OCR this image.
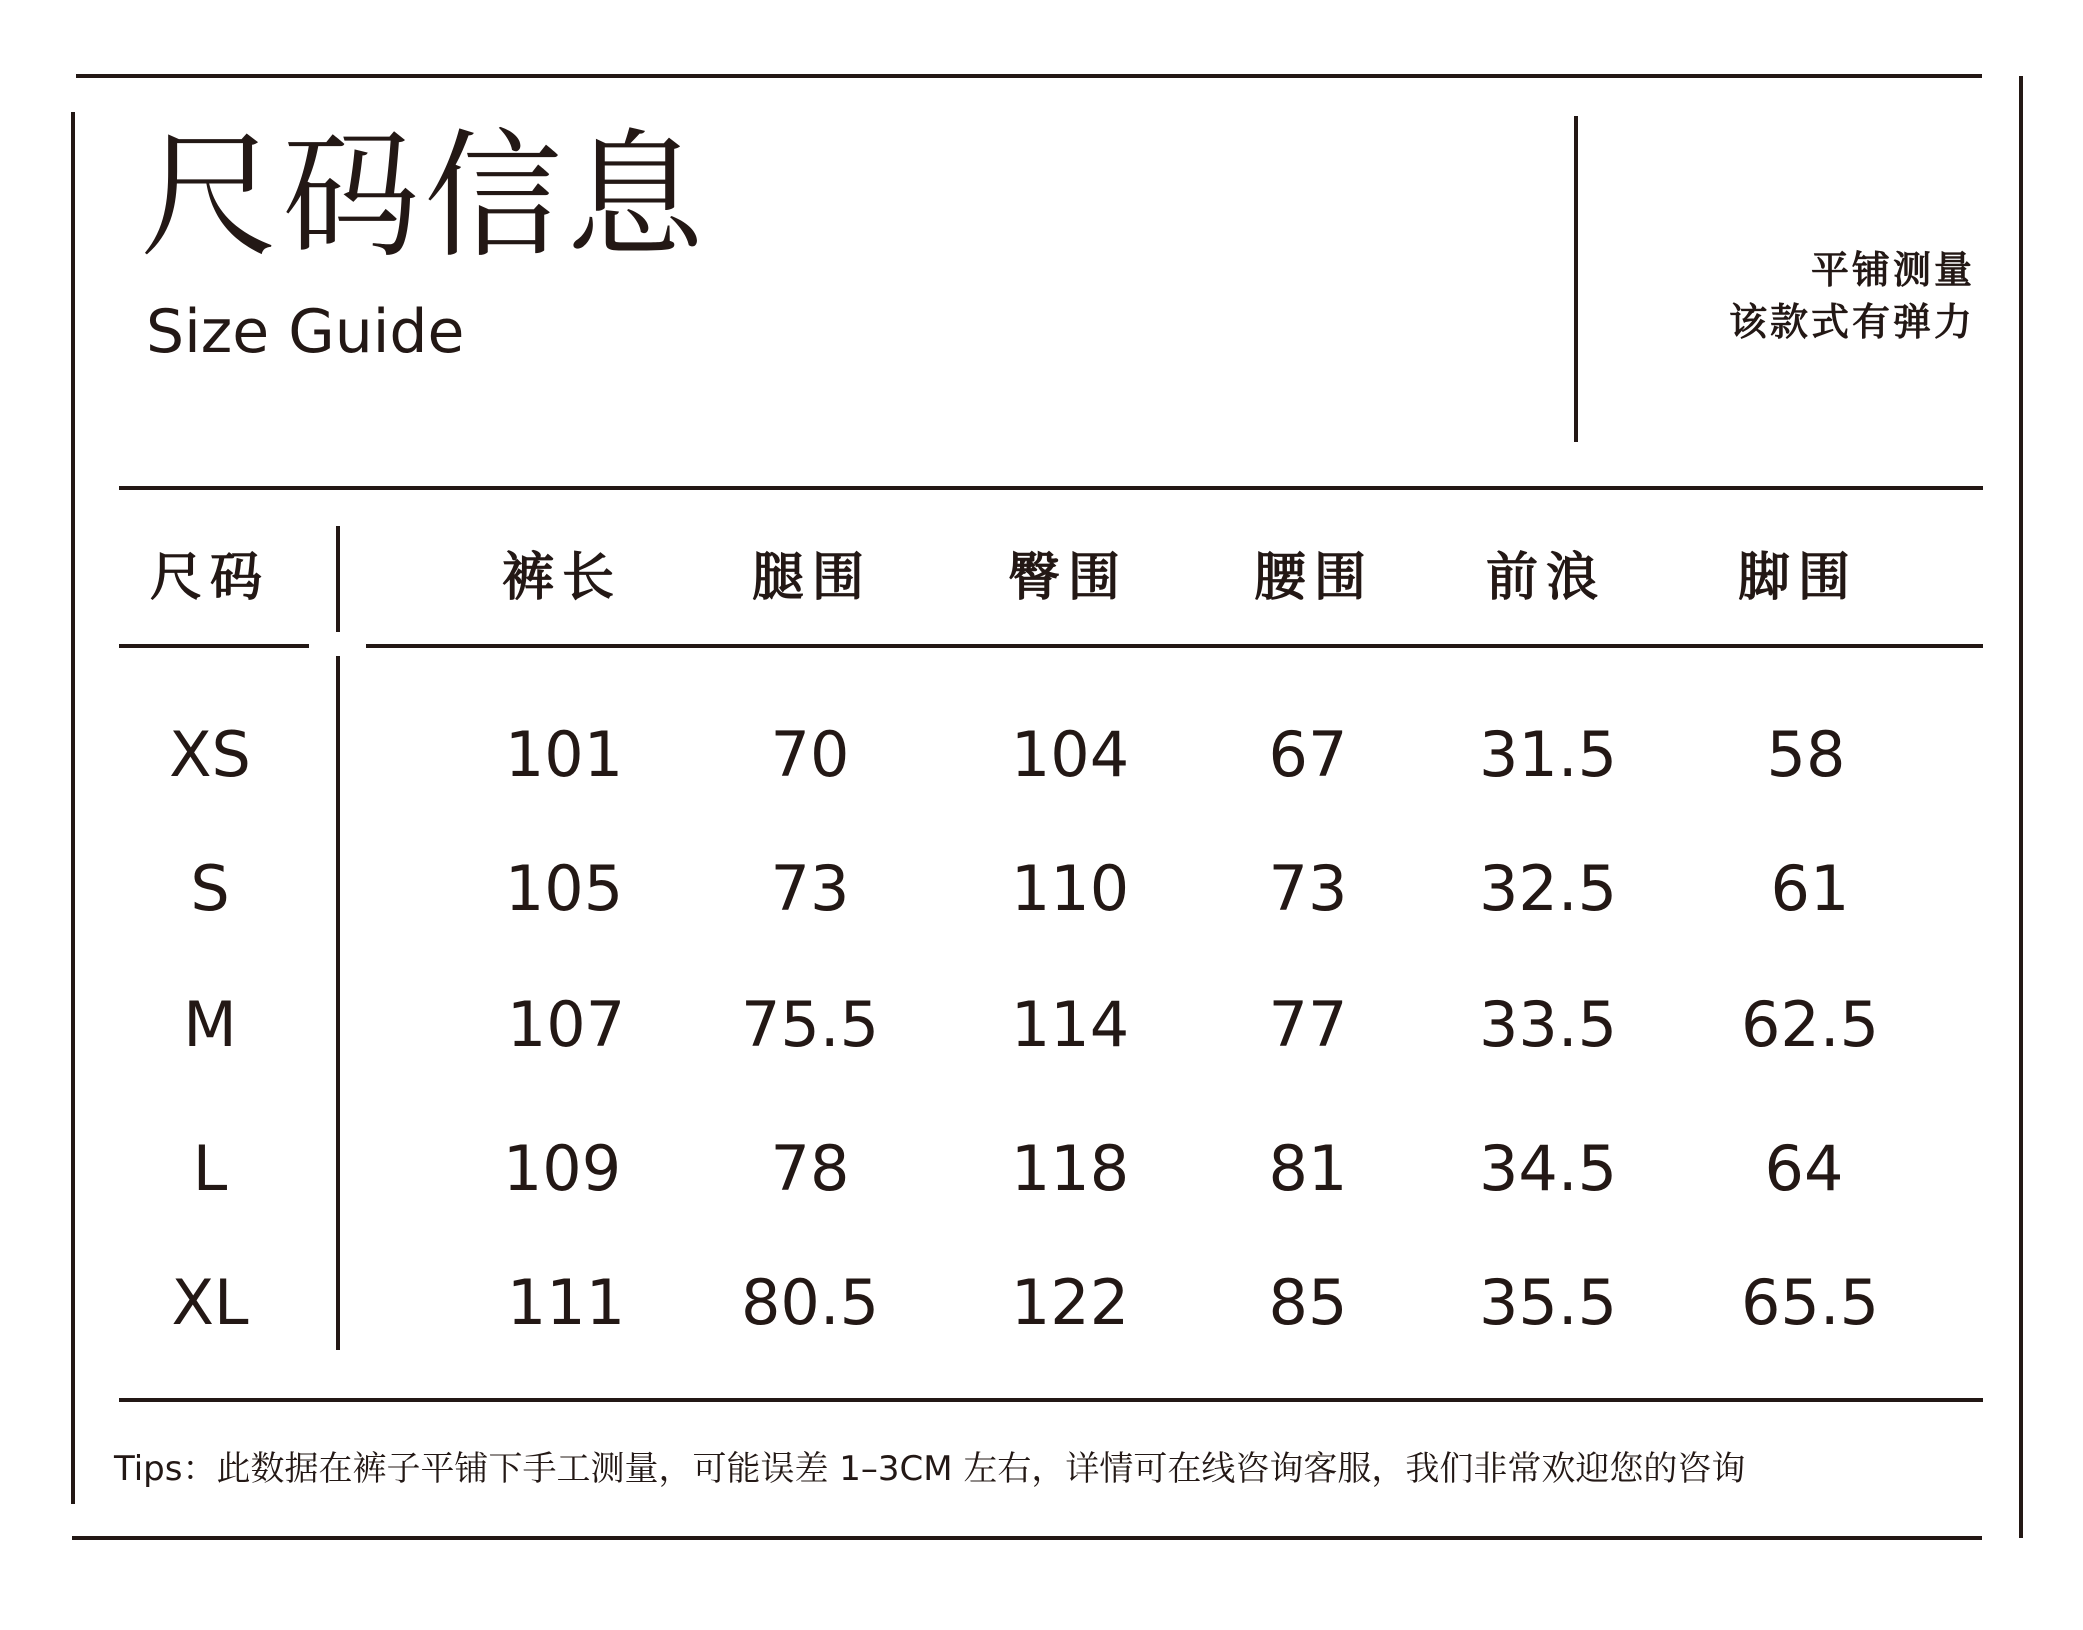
尺码信息
Size Guide
平铺测量
该款式有弹力
尺码	裤长 腿围	臀围 腰围 前浪	脚围
XS	101 70	104 67 31.5 58
S	105 73	110 73 32.5 61
M	107 75.5 114 77 33.5 62.5
L	109 78	118 81 34.5 64
XL	111 80.5 122 85 35.5 65.5
Tips：此数据在裤子平铺下手工测量，可能误差 1–3CM 左右，详情可在线咨询客服，我们非常欢迎您的咨询
